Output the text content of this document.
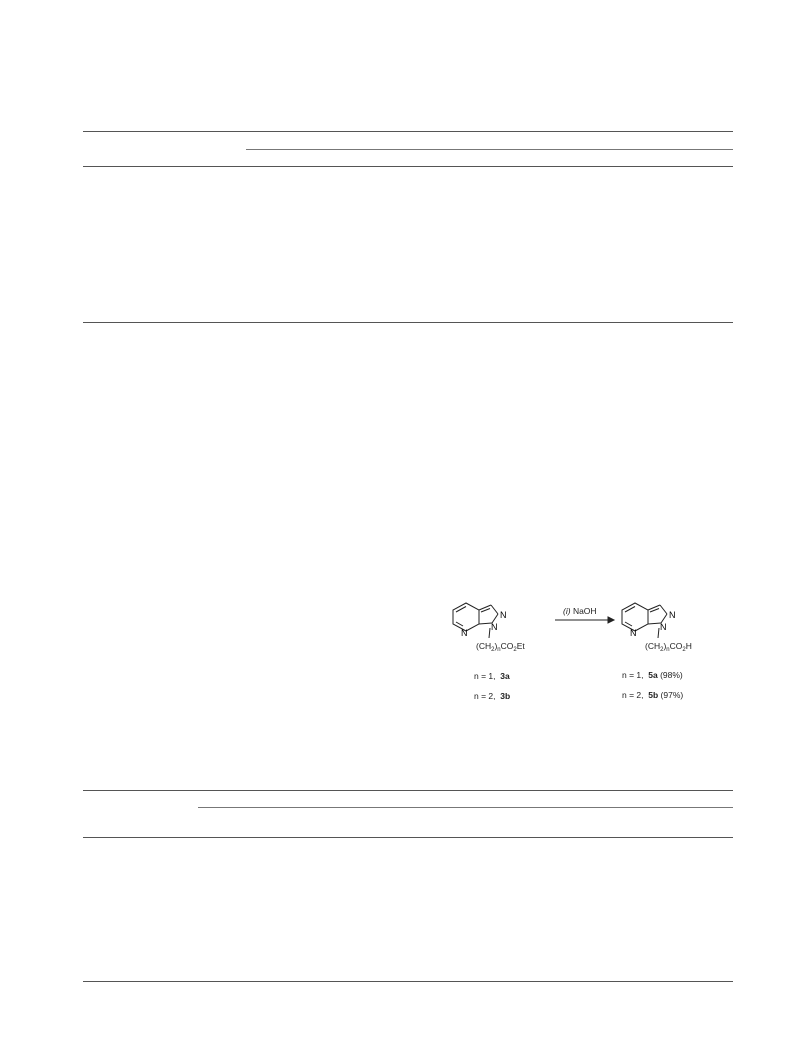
N
N
N
N
N
N
$(CH_2)_nCO_2Et$
(i) NaOH
$(CH_2)_nCO_2H$
n = 1, 3a
n = 2, 3b
n = 1, 5a (98%)
n = 2, 5b (97%)
